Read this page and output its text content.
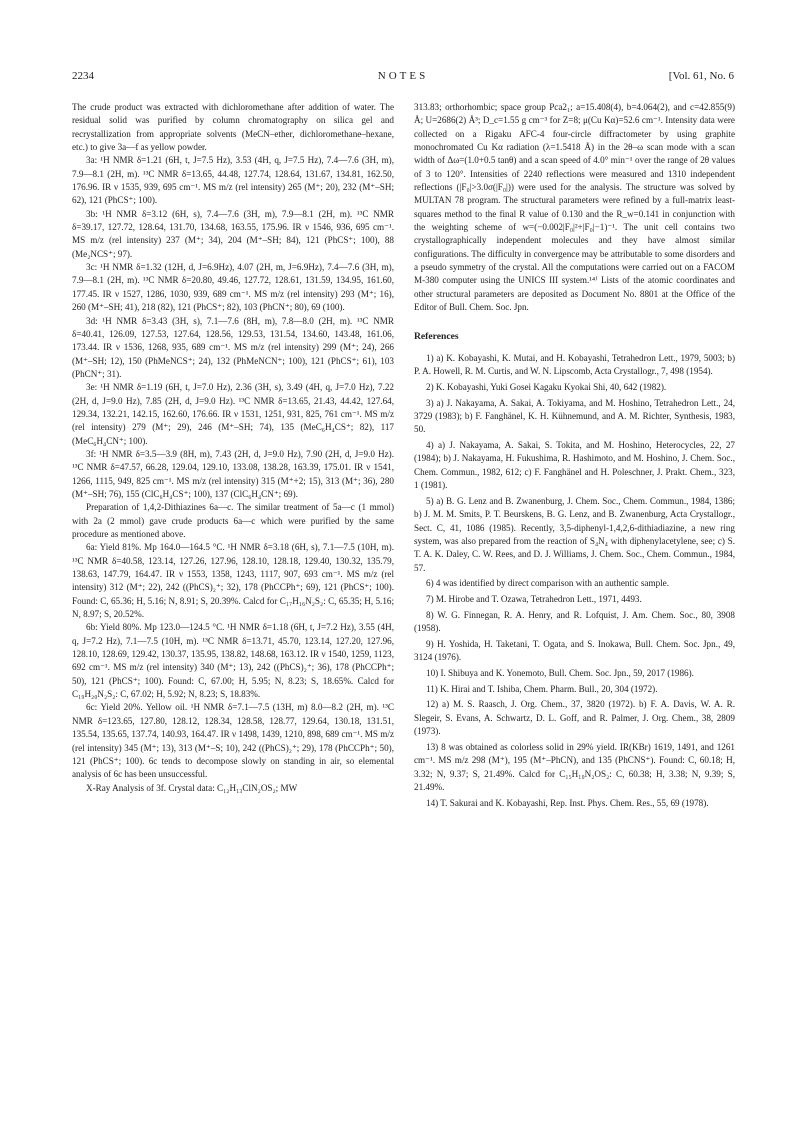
2234	NOTES	[Vol. 61, No. 6

The crude product was extracted with dichloromethane after addition of water. The residual solid was purified by column chromatography on silica gel and recrystallization from appropriate solvents (MeCN–ether, dichloromethane–hexane, etc.) to give 3a—f as yellow powder.

3a: ¹H NMR δ=1.21 (6H, t, J=7.5 Hz), 3.53 (4H, q, J=7.5 Hz), 7.4—7.6 (3H, m), 7.9—8.1 (2H, m). ¹³C NMR δ=13.65, 44.48, 127.74, 128.64, 131.67, 134.81, 162.50, 176.96. IR ν 1535, 939, 695 cm⁻¹. MS m/z (rel intensity) 265 (M⁺; 20), 232 (M⁺–SH; 62), 121 (PhCS⁺; 100).

3b: ¹H NMR δ=3.12 (6H, s), 7.4—7.6 (3H, m), 7.9—8.1 (2H, m). ¹³C NMR δ=39.17, 127.72, 128.64, 131.70, 134.68, 163.55, 175.96. IR ν 1546, 936, 695 cm⁻¹. MS m/z (rel intensity) 237 (M⁺; 34), 204 (M⁺–SH; 84), 121 (PhCS⁺; 100), 88 (Me₂NCS⁺; 97).

3c: ¹H NMR δ=1.32 (12H, d, J=6.9Hz), 4.07 (2H, m, J=6.9Hz), 7.4—7.6 (3H, m), 7.9—8.1 (2H, m). ¹³C NMR δ=20.80, 49.46, 127.72, 128.61, 131.59, 134.95, 161.60, 177.45. IR ν 1527, 1286, 1030, 939, 689 cm⁻¹. MS m/z (rel intensity) 293 (M⁺; 16), 260 (M⁺–SH; 41), 218 (82), 121 (PhCS⁺; 82), 103 (PhCN⁺; 80), 69 (100).

3d: ¹H NMR δ=3.43 (3H, s), 7.1—7.6 (8H, m), 7.8—8.0 (2H, m). ¹³C NMR δ=40.41, 126.09, 127.53, 127.64, 128.56, 129.53, 131.54, 134.60, 143.48, 161.06, 173.44. IR ν 1536, 1268, 935, 689 cm⁻¹. MS m/z (rel intensity) 299 (M⁺; 24), 266 (M⁺–SH; 12), 150 (PhMeNCS⁺; 24), 132 (PhMeNCN⁺; 100), 121 (PhCS⁺; 61), 103 (PhCN⁺; 31).

3e: ¹H NMR δ=1.19 (6H, t, J=7.0 Hz), 2.36 (3H, s), 3.49 (4H, q, J=7.0 Hz), 7.22 (2H, d, J=9.0 Hz), 7.85 (2H, d, J=9.0 Hz). ¹³C NMR δ=13.65, 21.43, 44.42, 127.64, 129.34, 132.21, 142.15, 162.60, 176.66. IR ν 1531, 1251, 931, 825, 761 cm⁻¹. MS m/z (rel intensity) 279 (M⁺; 29), 246 (M⁺–SH; 74), 135 (MeC₆H₄CS⁺; 82), 117 (MeC₆H₄CN⁺; 100).

3f: ¹H NMR δ=3.5—3.9 (8H, m), 7.43 (2H, d, J=9.0 Hz), 7.90 (2H, d, J=9.0 Hz). ¹³C NMR δ=47.57, 66.28, 129.04, 129.10, 133.08, 138.28, 163.39, 175.01. IR ν 1541, 1266, 1115, 949, 825 cm⁻¹. MS m/z (rel intensity) 315 (M⁺+2; 15), 313 (M⁺; 36), 280 (M⁺–SH; 76), 155 (ClC₆H₄CS⁺; 100), 137 (ClC₆H₄CN⁺; 69).

Preparation of 1,4,2-Dithiazines 6a—c. The similar treatment of 5a—c (1 mmol) with 2a (2 mmol) gave crude products 6a—c which were purified by the same procedure as mentioned above.

6a: Yield 81%. Mp 164.0—164.5 °C. ¹H NMR δ=3.18 (6H, s), 7.1—7.5 (10H, m). ¹³C NMR δ=40.58, 123.14, 127.26, 127.96, 128.10, 128.18, 129.40, 130.32, 135.79, 138.63, 147.79, 164.47. IR ν 1553, 1358, 1243, 1117, 907, 693 cm⁻¹. MS m/z (rel intensity) 312 (M⁺; 22), 242 ((PhCS)₂⁺; 32), 178 (PhCCPh⁺; 69), 121 (PhCS⁺; 100). Found: C, 65.36; H, 5.16; N, 8.91; S, 20.39%. Calcd for C₁₇H₁₆N₂S₂: C, 65.35; H, 5.16; N, 8.97; S, 20.52%.

6b: Yield 80%. Mp 123.0—124.5 °C. ¹H NMR δ=1.18 (6H, t, J=7.2 Hz), 3.55 (4H, q, J=7.2 Hz), 7.1—7.5 (10H, m). ¹³C NMR δ=13.71, 45.70, 123.14, 127.20, 127.96, 128.10, 128.69, 129.42, 130.37, 135.95, 138.82, 148.68, 163.12. IR ν 1540, 1259, 1123, 692 cm⁻¹. MS m/z (rel intensity) 340 (M⁺; 13), 242 ((PhCS)₂⁺; 36), 178 (PhCCPh⁺; 50), 121 (PhCS⁺; 100). Found: C, 67.00; H, 5.95; N, 8.23; S, 18.65%. Calcd for C₁₉H₂₀N₂S₂: C, 67.02; H, 5.92; N, 8.23; S, 18.83%.

6c: Yield 20%. Yellow oil. ¹H NMR δ=7.1—7.5 (13H, m) 8.0—8.2 (2H, m). ¹³C NMR δ=123.65, 127.80, 128.12, 128.34, 128.58, 128.77, 129.64, 130.18, 131.51, 135.54, 135.65, 137.74, 140.93, 164.47. IR ν 1498, 1439, 1210, 898, 689 cm⁻¹. MS m/z (rel intensity) 345 (M⁺; 13), 313 (M⁺–S; 10), 242 ((PhCS)₂⁺; 29), 178 (PhCCPh⁺; 50), 121 (PhCS⁺; 100). 6c tends to decompose slowly on standing in air, so elemental analysis of 6c has been unsuccessful.

X-Ray Analysis of 3f. Crystal data: C₁₂H₁₃ClN₂OS₂; MW

313.83; orthorhombic; space group Pca2₁; a=15.408(4), b=4.064(2), and c=42.855(9) Å; U=2686(2) Å³; D_c=1.55 g cm⁻³ for Z=8; μ(Cu Kα)=52.6 cm⁻¹. Intensity data were collected on a Rigaku AFC-4 four-circle diffractometer by using graphite monochromated Cu Kα radiation (λ=1.5418 Å) in the 2θ–ω scan mode with a scan width of Δω=(1.0+0.5 tanθ) and a scan speed of 4.0° min⁻¹ over the range of 2θ values of 3 to 120°. Intensities of 2240 reflections were measured and 1310 independent reflections (|F₀|>3.0σ(|F₀|)) were used for the analysis. The structure was solved by MULTAN 78 program. The structural parameters were refined by a full-matrix least-squares method to the final R value of 0.130 and the R_w=0.141 in conjunction with the weighting scheme of w=(−0.002|F₀|²+|F₀|−1)⁻¹. The unit cell contains two crystallographically independent molecules and they have almost similar configurations. The difficulty in convergence may be attributable to some disorders and a pseudo symmetry of the crystal. All the computations were carried out on a FACOM M-380 computer using the UNICS III system.¹⁴⁾ Lists of the atomic coordinates and other structural parameters are deposited as Document No. 8801 at the Office of the Editor of Bull. Chem. Soc. Jpn.

References

1) a) K. Kobayashi, K. Mutai, and H. Kobayashi, Tetrahedron Lett., 1979, 5003; b) P. A. Howell, R. M. Curtis, and W. N. Lipscomb, Acta Crystallogr., 7, 498 (1954).

2) K. Kobayashi, Yuki Gosei Kagaku Kyokai Shi, 40, 642 (1982).

3) a) J. Nakayama, A. Sakai, A. Tokiyama, and M. Hoshino, Tetrahedron Lett., 24, 3729 (1983); b) F. Fanghänel, K. H. Kühnemund, and A. M. Richter, Synthesis, 1983, 50.

4) a) J. Nakayama, A. Sakai, S. Tokita, and M. Hoshino, Heterocycles, 22, 27 (1984); b) J. Nakayama, H. Fukushima, R. Hashimoto, and M. Hoshino, J. Chem. Soc., Chem. Commun., 1982, 612; c) F. Fanghänel and H. Poleschner, J. Prakt. Chem., 323, 1 (1981).

5) a) B. G. Lenz and B. Zwanenburg, J. Chem. Soc., Chem. Commun., 1984, 1386; b) J. M. M. Smits, P. T. Beurskens, B. G. Lenz, and B. Zwanenburg, Acta Crystallogr., Sect. C, 41, 1086 (1985). Recently, 3,5-diphenyl-1,4,2,6-dithiadiazine, a new ring system, was also prepared from the reaction of S₄N₄ with diphenylacetylene, see; c) S. T. A. K. Daley, C. W. Rees, and D. J. Williams, J. Chem. Soc., Chem. Commun., 1984, 57.

6) 4 was identified by direct comparison with an authentic sample.

7) M. Hirobe and T. Ozawa, Tetrahedron Lett., 1971, 4493.

8) W. G. Finnegan, R. A. Henry, and R. Lofquist, J. Am. Chem. Soc., 80, 3908 (1958).

9) H. Yoshida, H. Taketani, T. Ogata, and S. Inokawa, Bull. Chem. Soc. Jpn., 49, 3124 (1976).

10) I. Shibuya and K. Yonemoto, Bull. Chem. Soc. Jpn., 59, 2017 (1986).

11) K. Hirai and T. Ishiba, Chem. Pharm. Bull., 20, 304 (1972).

12) a) M. S. Raasch, J. Org. Chem., 37, 3820 (1972). b) F. A. Davis, W. A. R. Slegeir, S. Evans, A. Schwartz, D. L. Goff, and R. Palmer, J. Org. Chem., 38, 2809 (1973).

13) 8 was obtained as colorless solid in 29% yield. IR(KBr) 1619, 1491, and 1261 cm⁻¹. MS m/z 298 (M⁺), 195 (M⁺–PhCN), and 135 (PhCNS⁺). Found: C, 60.18; H, 3.32; N, 9.37; S, 21.49%. Calcd for C₁₅H₁₀N₂OS₂: C, 60.38; H, 3.38; N, 9.39; S, 21.49%.

14) T. Sakurai and K. Kobayashi, Rep. Inst. Phys. Chem. Res., 55, 69 (1978).
